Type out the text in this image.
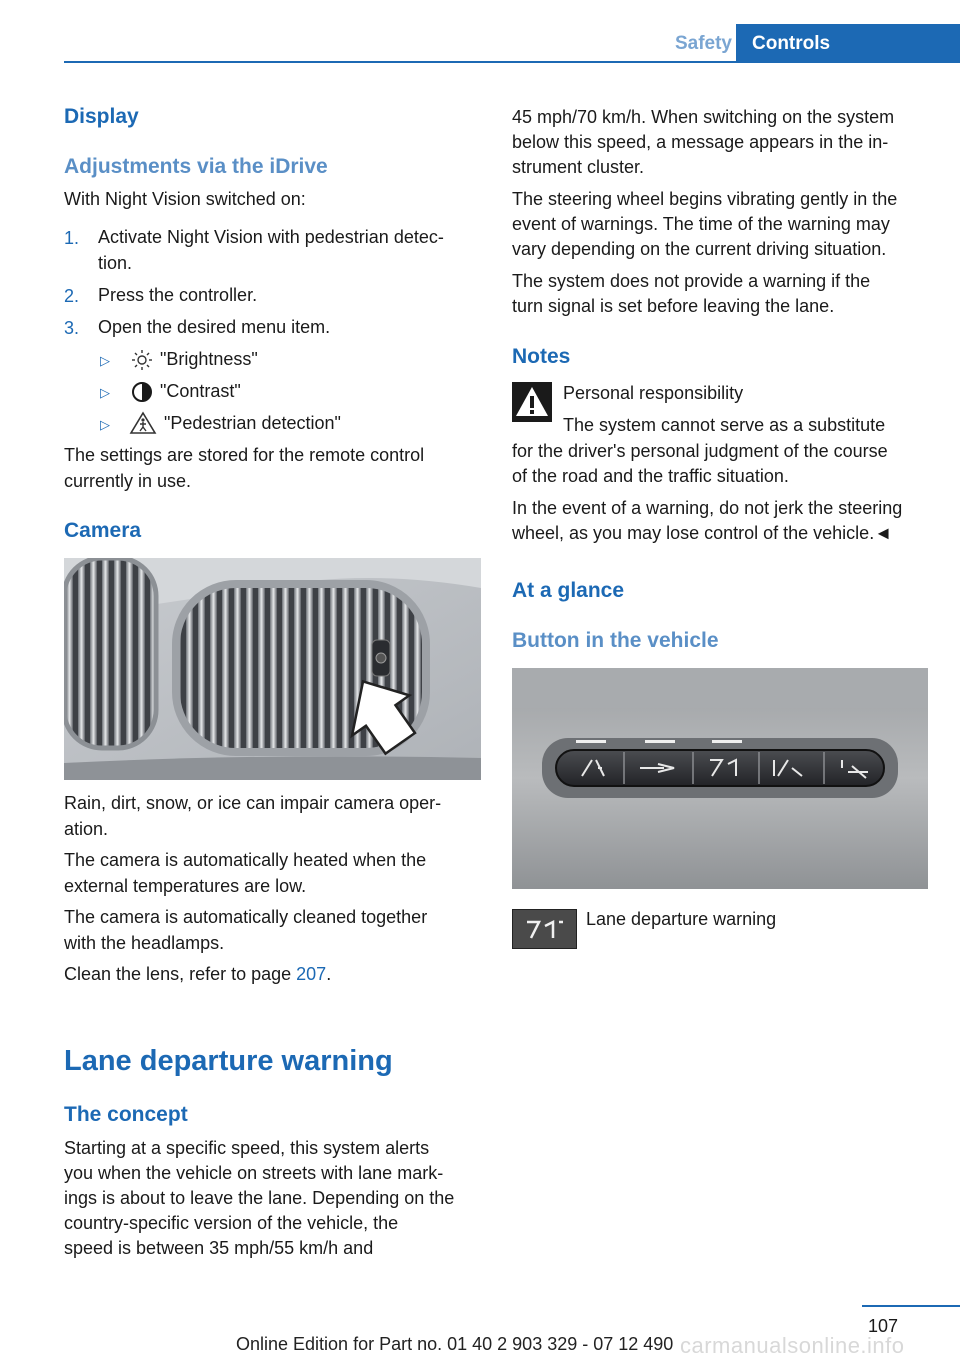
Safety	Controls
Display
Adjustments via the iDrive

With Night Vision switched on:

1. Activate Night Vision with pedestrian detec-

tion.

2. Press the controller.

3. Open the desired menu item.

▷	"Brightness"

▷	"Contrast"

▷	"Pedestrian detection"

The settings are stored for the remote control

currently in use.

Camera

Rain, dirt, snow, or ice can impair camera oper-

ation.

The camera is automatically heated when the

external temperatures are low.

The camera is automatically cleaned together

with the headlamps.

Clean the lens, refer to page 207.

Lane departure warning
The concept

Starting at a specific speed, this system alerts

you when the vehicle on streets with lane mark-

ings is about to leave the lane. Depending on the

country-specific version of the vehicle, the

speed is between 35 mph/55 km/h and

45 mph/70 km/h. When switching on the system

below this speed, a message appears in the in-

strument cluster.

The steering wheel begins vibrating gently in the

event of warnings. The time of the warning may

vary depending on the current driving situation.

The system does not provide a warning if the

turn signal is set before leaving the lane.

Notes

Personal responsibility

The system cannot serve as a substitute

for the driver's personal judgment of the course

of the road and the traffic situation.

In the event of a warning, do not jerk the steering

wheel, as you may lose control of the vehicle.◄

At a glance
Button in the vehicle

Lane departure warning

107
Online Edition for Part no. 01 40 2 903 329 - 07 12 490 carmanualsonline.info
